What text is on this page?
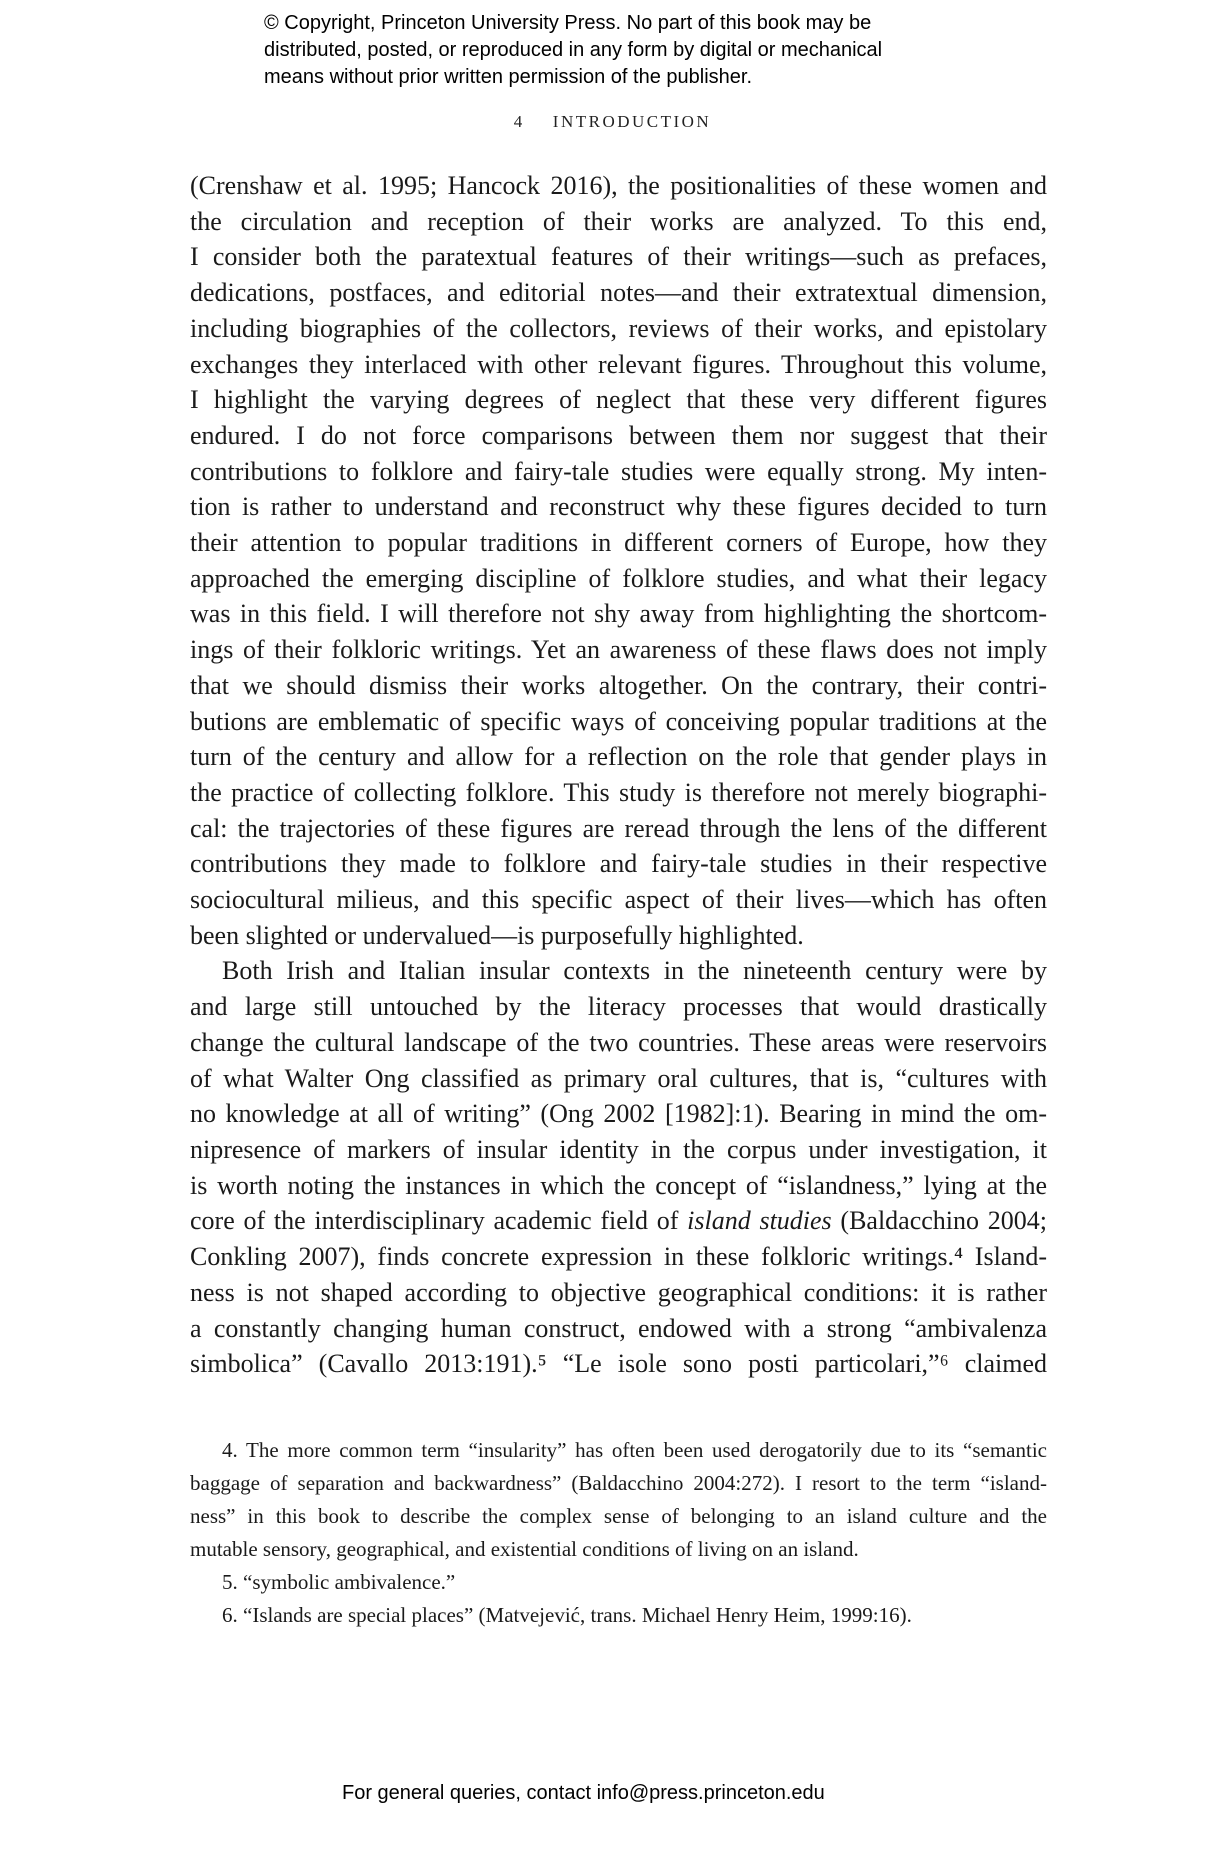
© Copyright, Princeton University Press. No part of this book may be
distributed, posted, or reproduced in any form by digital or mechanical
means without prior written permission of the publisher.
4 INTRODUCTION
(Crenshaw et al. 1995; Hancock 2016), the positionalities of these women and
the circulation and reception of their works are analyzed. To this end,
I consider both the paratextual features of their writings—such as prefaces,
dedications, postfaces, and editorial notes—and their extratextual dimension,
including biographies of the collectors, reviews of their works, and epistolary
exchanges they interlaced with other relevant figures. Throughout this volume,
I highlight the varying degrees of neglect that these very different figures
endured. I do not force comparisons between them nor suggest that their
contributions to folklore and fairy-tale studies were equally strong. My inten-
tion is rather to understand and reconstruct why these figures decided to turn
their attention to popular traditions in different corners of Europe, how they
approached the emerging discipline of folklore studies, and what their legacy
was in this field. I will therefore not shy away from highlighting the shortcom-
ings of their folkloric writings. Yet an awareness of these flaws does not imply
that we should dismiss their works altogether. On the contrary, their contri-
butions are emblematic of specific ways of conceiving popular traditions at the
turn of the century and allow for a reflection on the role that gender plays in
the practice of collecting folklore. This study is therefore not merely biographi-
cal: the trajectories of these figures are reread through the lens of the different
contributions they made to folklore and fairy-tale studies in their respective
sociocultural milieus, and this specific aspect of their lives—which has often
been slighted or undervalued—is purposefully highlighted.
Both Irish and Italian insular contexts in the nineteenth century were by
and large still untouched by the literacy processes that would drastically
change the cultural landscape of the two countries. These areas were reservoirs
of what Walter Ong classified as primary oral cultures, that is, “cultures with
no knowledge at all of writing” (Ong 2002 [1982]:1). Bearing in mind the om-
nipresence of markers of insular identity in the corpus under investigation, it
is worth noting the instances in which the concept of “islandness,” lying at the
core of the interdisciplinary academic field of island studies (Baldacchino 2004;
Conkling 2007), finds concrete expression in these folkloric writings.⁴ Island-
ness is not shaped according to objective geographical conditions: it is rather
a constantly changing human construct, endowed with a strong “ambivalenza
simbolica” (Cavallo 2013:191).⁵ “Le isole sono posti particolari,”⁶ claimed
4. The more common term “insularity” has often been used derogatorily due to its “semantic
baggage of separation and backwardness” (Baldacchino 2004:272). I resort to the term “island-
ness” in this book to describe the complex sense of belonging to an island culture and the
mutable sensory, geographical, and existential conditions of living on an island.
5. “symbolic ambivalence.”
6. “Islands are special places” (Matvejević, trans. Michael Henry Heim, 1999:16).
For general queries, contact info@press.princeton.edu
